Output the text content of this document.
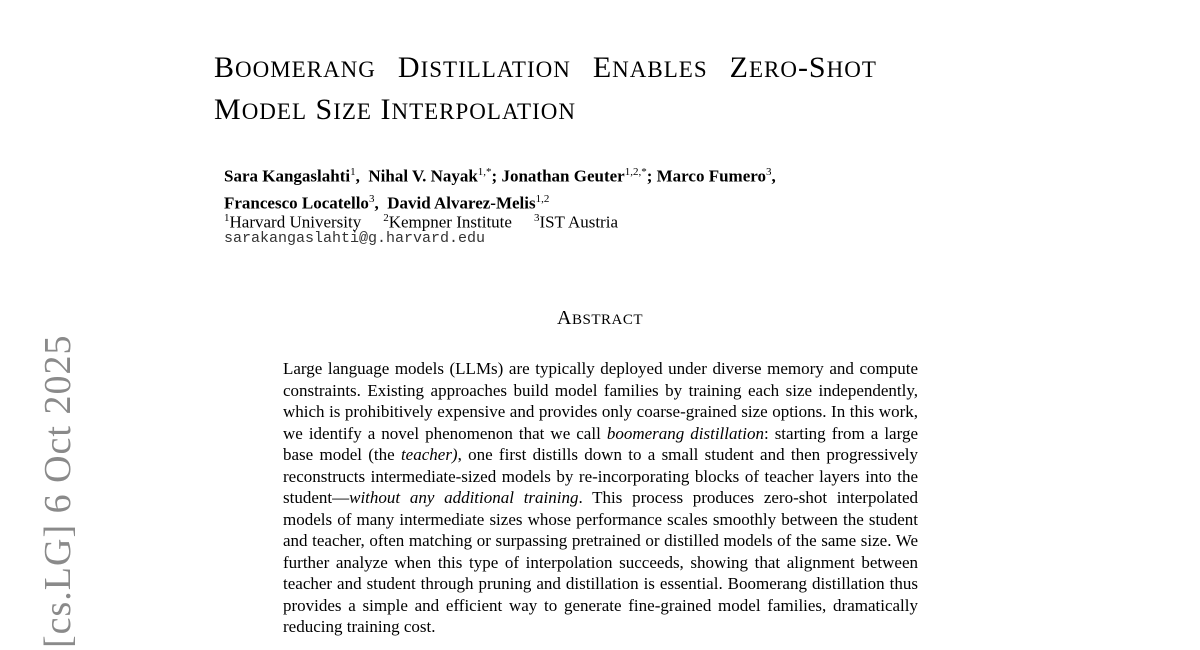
[cs.LG] 6 Oct 2025
BOOMERANG DISTILLATION ENABLES ZERO-SHOT
MODEL SIZE INTERPOLATION
Sara Kangaslahti$^1$,  Nihal V. Nayak$^{1,*}$; Jonathan Geuter$^{1,2,*}$; Marco Fumero$^3$,
Francesco Locatello$^3$,  David Alvarez-Melis$^{1,2}$
$^1$Harvard University $^2$Kempner Institute $^3$IST Austria
sarakangaslahti@g.harvard.edu
ABSTRACT
Large language models (LLMs) are typically deployed under diverse memory and compute constraints. Existing approaches build model families by training each size independently, which is prohibitively expensive and provides only coarse-grained size options. In this work, we identify a novel phenomenon that we call boomerang distillation: starting from a large base model (the teacher), one first distills down to a small student and then progressively reconstructs intermediate-sized models by re-incorporating blocks of teacher layers into the student—without any additional training. This process produces zero-shot interpolated models of many intermediate sizes whose performance scales smoothly between the student and teacher, often matching or surpassing pretrained or distilled models of the same size. We further analyze when this type of interpolation succeeds, showing that alignment between teacher and student through pruning and distillation is essential. Boomerang distillation thus provides a simple and efficient way to generate fine-grained model families, dramatically reducing training cost.
